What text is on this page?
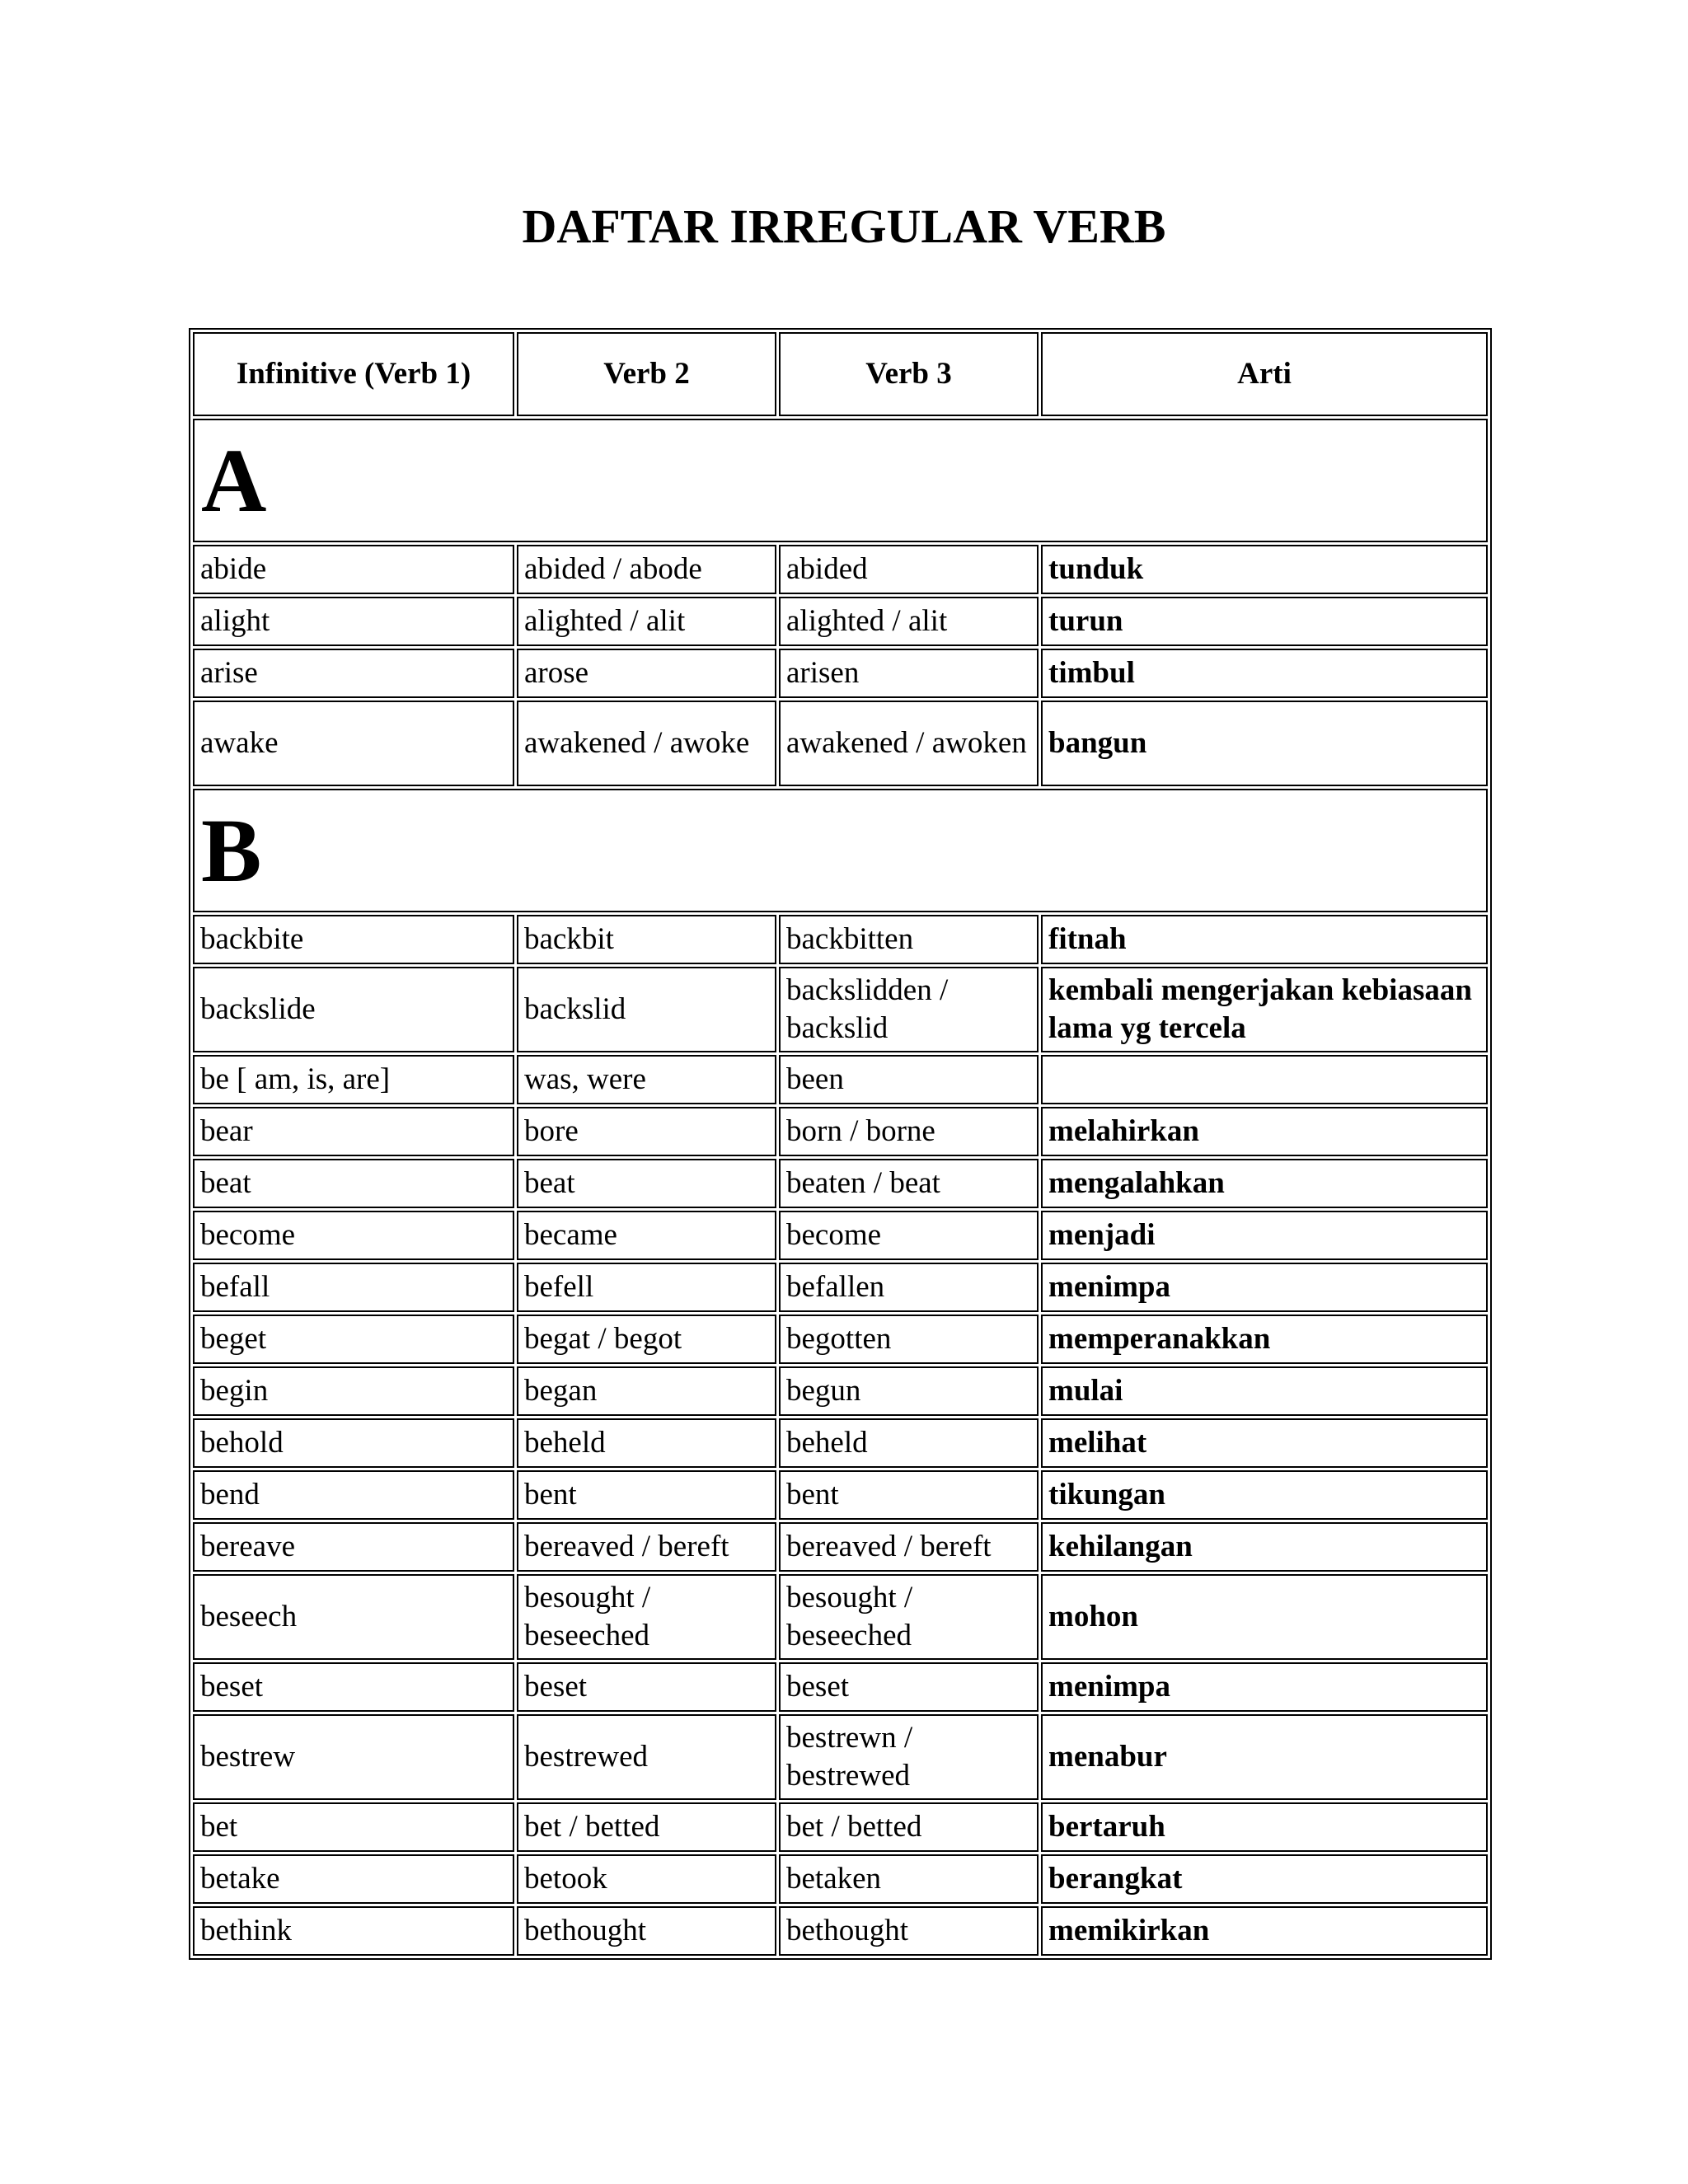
DAFTAR IRREGULAR VERB
Infinitive (Verb 1)	Verb 2	Verb 3	Arti
A			
abide	abided / abode	abided	tunduk
alight	alighted / alit	alighted / alit	turun
arise	arose	arisen	timbul
awake	awakened / awoke	awakened / awoken	bangun
B			
backbite	backbit	backbitten	fitnah
backslide	backslid	backslidden / backslid	kembali mengerjakan kebiasaan lama yg tercela
be [ am, is, are]	was, were	been	
bear	bore	born / borne	melahirkan
beat	beat	beaten / beat	mengalahkan
become	became	become	menjadi
befall	befell	befallen	menimpa
beget	begat / begot	begotten	memperanakkan
begin	began	begun	mulai
behold	beheld	beheld	melihat
bend	bent	bent	tikungan
bereave	bereaved / bereft	bereaved / bereft	kehilangan
beseech	besought / beseeched	besought / beseeched	mohon
beset	beset	beset	menimpa
bestrew	bestrewed	bestrewn / bestrewed	menabur
bet	bet / betted	bet / betted	bertaruh
betake	betook	betaken	berangkat
bethink	bethought	bethought	memikirkan
